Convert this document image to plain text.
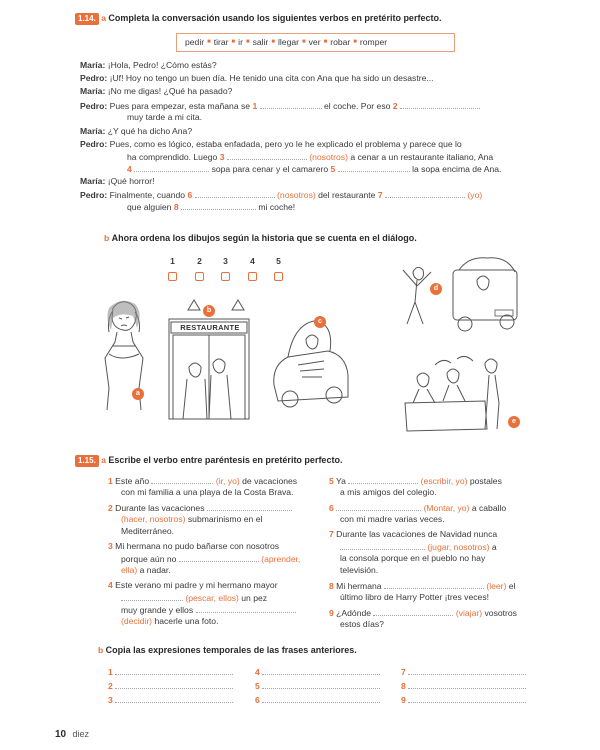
1.14. a Completa la conversación usando los siguientes verbos en pretérito perfecto.
pedir ■ tirar ■ ir ■ salir ■ llegar ■ ver ■ robar ■ romper
María: ¡Hola, Pedro! ¿Cómo estás?
Pedro: ¡Uf! Hoy no tengo un buen día. He tenido una cita con Ana que ha sido un desastre...
María: ¡No me digas! ¿Qué ha pasado?
Pedro: Pues para empezar, esta mañana se 1	el coche. Por eso 2
muy tarde a mi cita.
María: ¿Y qué ha dicho Ana?
Pedro: Pues, como es lógico, estaba enfadada, pero yo le he explicado el problema y parece que lo
ha comprendido. Luego 3	(nosotros) a cenar a un restaurante italiano, Ana
4	sopa para cenar y el camarero 5	la sopa encima de Ana.
María: ¡Qué horror!
Pedro: Finalmente, cuando 6	(nosotros) del restaurante 7	(yo)
que alguien 8	mi coche!
b Ahora ordena los dibujos según la historia que se cuenta en el diálogo.
1	2	3	4	5
a
RESTAURANTE
b
c
d
e
1.15. a Escribe el verbo entre paréntesis en pretérito perfecto.
1 Este año	(ir, yo) de vacaciones
con mi familia a una playa de la Costa Brava.
2 Durante las vacaciones
(hacer, nosotros) submarinismo en el
Mediterráneo.
3 Mi hermana no pudo bañarse con nosotros
porque aún no	(aprender,
ella) a nadar.
4 Este verano mi padre y mi hermano mayor
(pescar, ellos) un pez
muy grande y ellos
(decidir) hacerle una foto.
5 Ya	(escribir, yo) postales
a mis amigos del colegio.
6	(Montar, yo) a caballo
con mi madre varias veces.
7 Durante las vacaciones de Navidad nunca
(jugar, nosotros) a
la consola porque en el pueblo no hay
televisión.
8 Mi hermana	(leer) el
último libro de Harry Potter ¡tres veces!
9 ¿Adónde	(viajar) vosotros
estos días?
b Copia las expresiones temporales de las frases anteriores.
1
2
3
4
5
6
7
8
9
10 diez
